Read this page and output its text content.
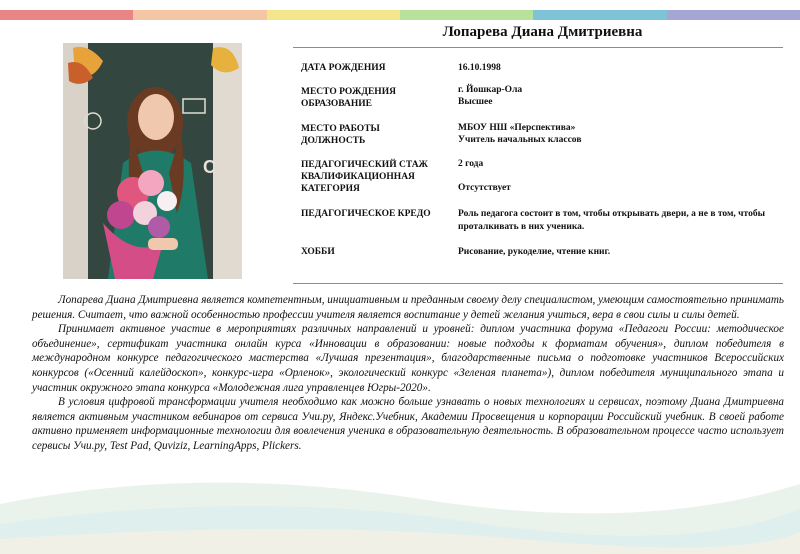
С
Лопарева Диана Дмитриевна
ДАТА РОЖДЕНИЯ	16.10.1998
МЕСТО РОЖДЕНИЯ	г. Йошкар-Ола
ОБРАЗОВАНИЕ	Высшее
МЕСТО РАБОТЫ	МБОУ НШ «Перспектива»
ДОЛЖНОСТЬ	Учитель начальных классов
ПЕДАГОГИЧЕСКИЙ СТАЖ	2 года
КВАЛИФИКАЦИОННАЯ
КАТЕГОРИЯ	Отсутствует
ПЕДАГОГИЧЕСКОЕ КРЕДО	Роль педагога состоит в том, чтобы открывать двери, а не в том, чтобы проталкивать в них ученика.
ХОББИ	Рисование, рукоделие, чтение книг.

Лопарева Диана Дмитриевна является компетентным, инициативным и преданным своему делу специалистом, умеющим самостоятельно принимать решения. Считает, что важной особенностью профессии учителя является воспитание у детей желания учиться, вера в свои силы и силы детей.

Принимает активное участие в мероприятиях различных направлений и уровней: диплом участника форума «Педагоги России: методическое объединение», сертификат участника онлайн курса «Инновации в образовании: новые подходы к форматам обучения», диплом победителя в международном конкурсе педагогического мастерства «Лучшая презентация», благодарственные письма о подготовке участников Всероссийских конкурсов («Осенний калейдоскоп», конкурс-игра «Орленок», экологический конкурс «Зеленая планета»), диплом победителя муниципального этапа и участник окружного этапа конкурса «Молодежная лига управленцев Югры-2020».

В условия цифровой трансформации учителя необходимо как можно больше узнавать о новых технологиях и сервисах, поэтому Диана Дмитриевна является активным участником вебинаров от сервиса Учи.ру, Яндекс.Учебник, Академии Просвещения и корпорации Российский учебник. В своей работе активно применяет информационные технологии для вовлечения ученика в образовательную деятельность. В образовательном процессе часто использует сервисы Учи.ру, Test Pad, Quviziz, LearningApps, Plickers.
